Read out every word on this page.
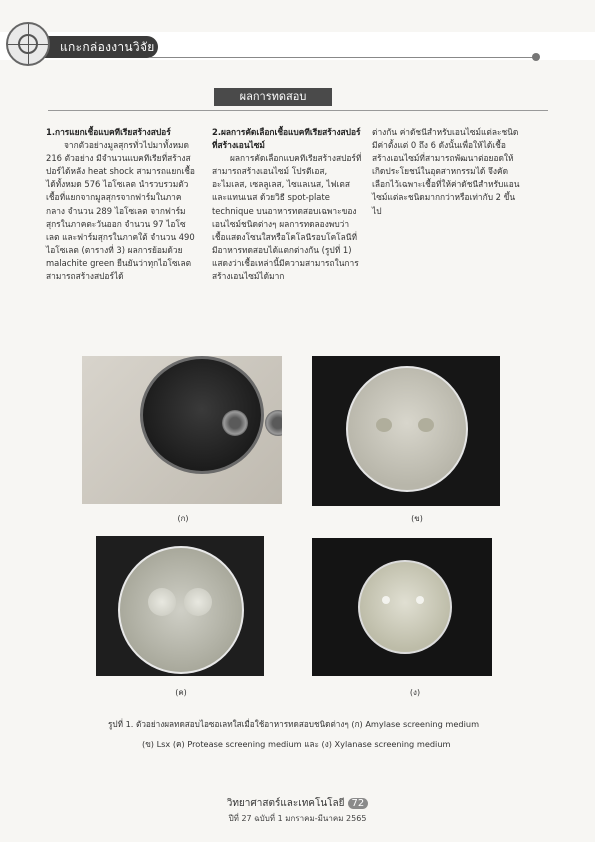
แกะกล่องงานวิจัย
ผลการทดสอบ

1.การแยกเชื้อแบคทีเรียสร้างสปอร์

จากตัวอย่างมูลสุกรทั่วไปมาทั้งหมด 216 ตัวอย่าง มีจำนวนแบคทีเรียที่สร้างสปอร์ได้หลัง heat shock สามารถแยกเชื้อได้ทั้งหมด 576 ไอโซเลต นำรวบรวมตัวเชื้อที่แยกจากมูลสุกรจากฟาร์มในภาคกลาง จำนวน 289 ไอโซเลต จากฟาร์มสุกรในภาคตะวันออก จำนวน 97 ไอโซเลต และฟาร์มสุกรในภาคใต้ จำนวน 490 ไอโซเลต (ตารางที่ 3) ผลการย้อมด้วย malachite green ยืนยันว่าทุกไอโซเลตสามารถสร้างสปอร์ได้

2.ผลการคัดเลือกเชื้อแบคทีเรียสร้างสปอร์ที่สร้างเอนไซม์

ผลการคัดเลือกแบคทีเรียสร้างสปอร์ที่สามารถสร้างเอนไซม์ โปรตีเอส, อะไมเลส, เซลลูเลส, ไซแลเนส, ไฟเตส และแทนเนส ด้วยวิธี spot-plate technique บนอาหารทดสอบเฉพาะของเอนไซม์ชนิดต่างๆ ผลการทดลองพบว่าเชื้อแสดงโซนใสหรือโคโลนีรอบโคโลนีที่มีอาหารทดสอบได้แตกต่างกัน (รูปที่ 1) แสดงว่าเชื้อเหล่านี้มีความสามารถในการสร้างเอนไซม์ได้มาก

ต่างกัน ค่าดัชนีสำหรับเอนไซม์แต่ละชนิดมีค่าตั้งแต่ 0 ถึง 6 ดังนั้นเพื่อให้ได้เชื้อสร้างเอนไซม์ที่สามารถพัฒนาต่อยอดให้เกิดประโยชน์ในอุตสาหกรรมได้ จึงคัดเลือกไว้เฉพาะเชื้อที่ให้ค่าดัชนีสำหรับแอนไซม์แต่ละชนิดมากกว่าหรือเท่ากับ 2 ขึ้นไป

(ก)	(ข)
(ค)	(ง)
รูปที่ 1. ตัวอย่างผลทดสอบไอซอเลทใสเมื่อใช้อาหารทดสอบชนิดต่างๆ (ก) Amylase screening medium
(ข) Lsx (ค) Protease screening medium และ (ง) Xylanase screening medium
วิทยาศาสตร์และเทคโนโลยี 72
ปีที่ 27 ฉบับที่ 1 มกราคม-มีนาคม 2565
